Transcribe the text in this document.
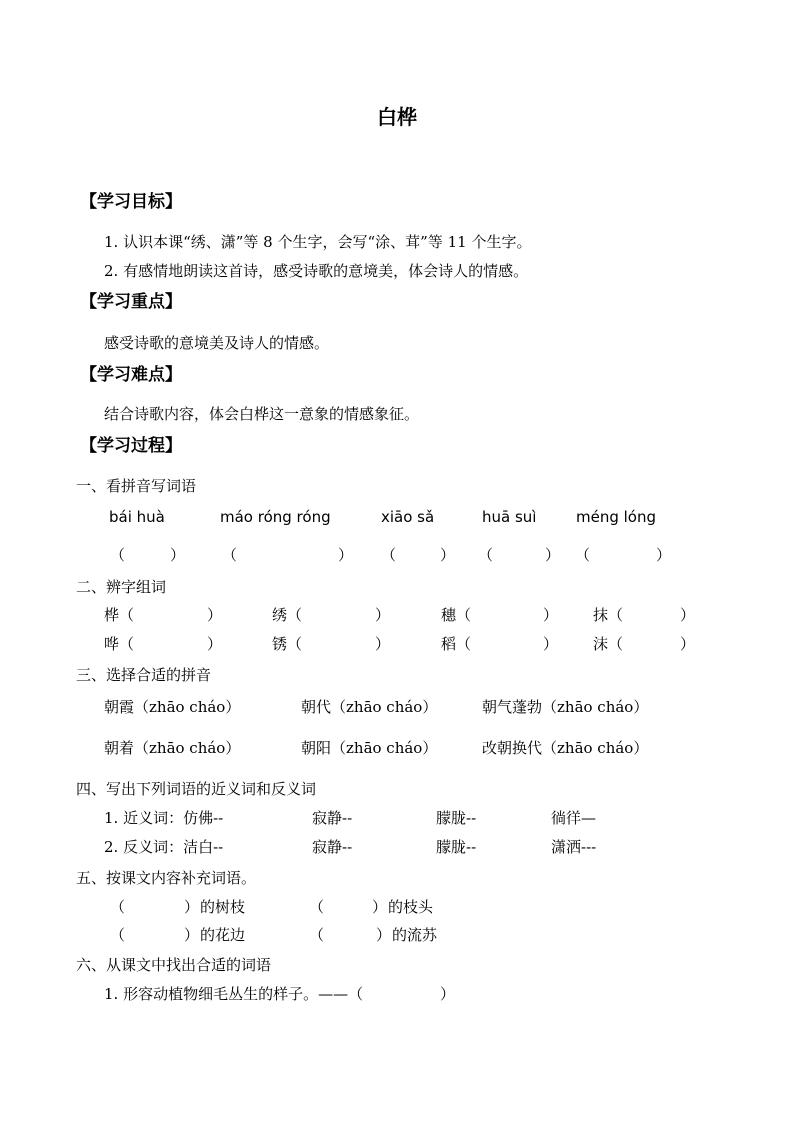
白桦
【学习目标】
1. 认识本课“绣、潇”等 8 个生字，会写“涂、茸”等 11 个生字。
2. 有感情地朗读这首诗，感受诗歌的意境美，体会诗人的情感。
【学习重点】
感受诗歌的意境美及诗人的情感。
【学习难点】
结合诗歌内容，体会白桦这一意象的情感象征。
【学习过程】
一、看拼音写词语
bái huà	máo róng róng	xiāo sǎ	huā suì	méng lóng
（	） （	） （	） （	） （	）
二、辨字组词
桦（	）	绣（	）	穗（	） 抹（	）
哗（	）	锈（	）	稻（	） 沫（	）
三、选择合适的拼音
朝霞（zhāo cháo）	朝代（zhāo cháo）	朝气蓬勃（zhāo cháo）
朝着（zhāo cháo）	朝阳（zhāo cháo）	改朝换代（zhāo cháo）
四、写出下列词语的近义词和反义词
1. 近义词：仿佛--	寂静--	朦胧--	徜徉—
2. 反义词：洁白--	寂静--	朦胧--	潇洒---
五、按课文内容补充词语。
（	） 的树枝	（	） 的枝头
（	） 的花边	（	） 的流苏
六、从课文中找出合适的词语
1. 形容动植物细毛丛生的样子。——（	）
